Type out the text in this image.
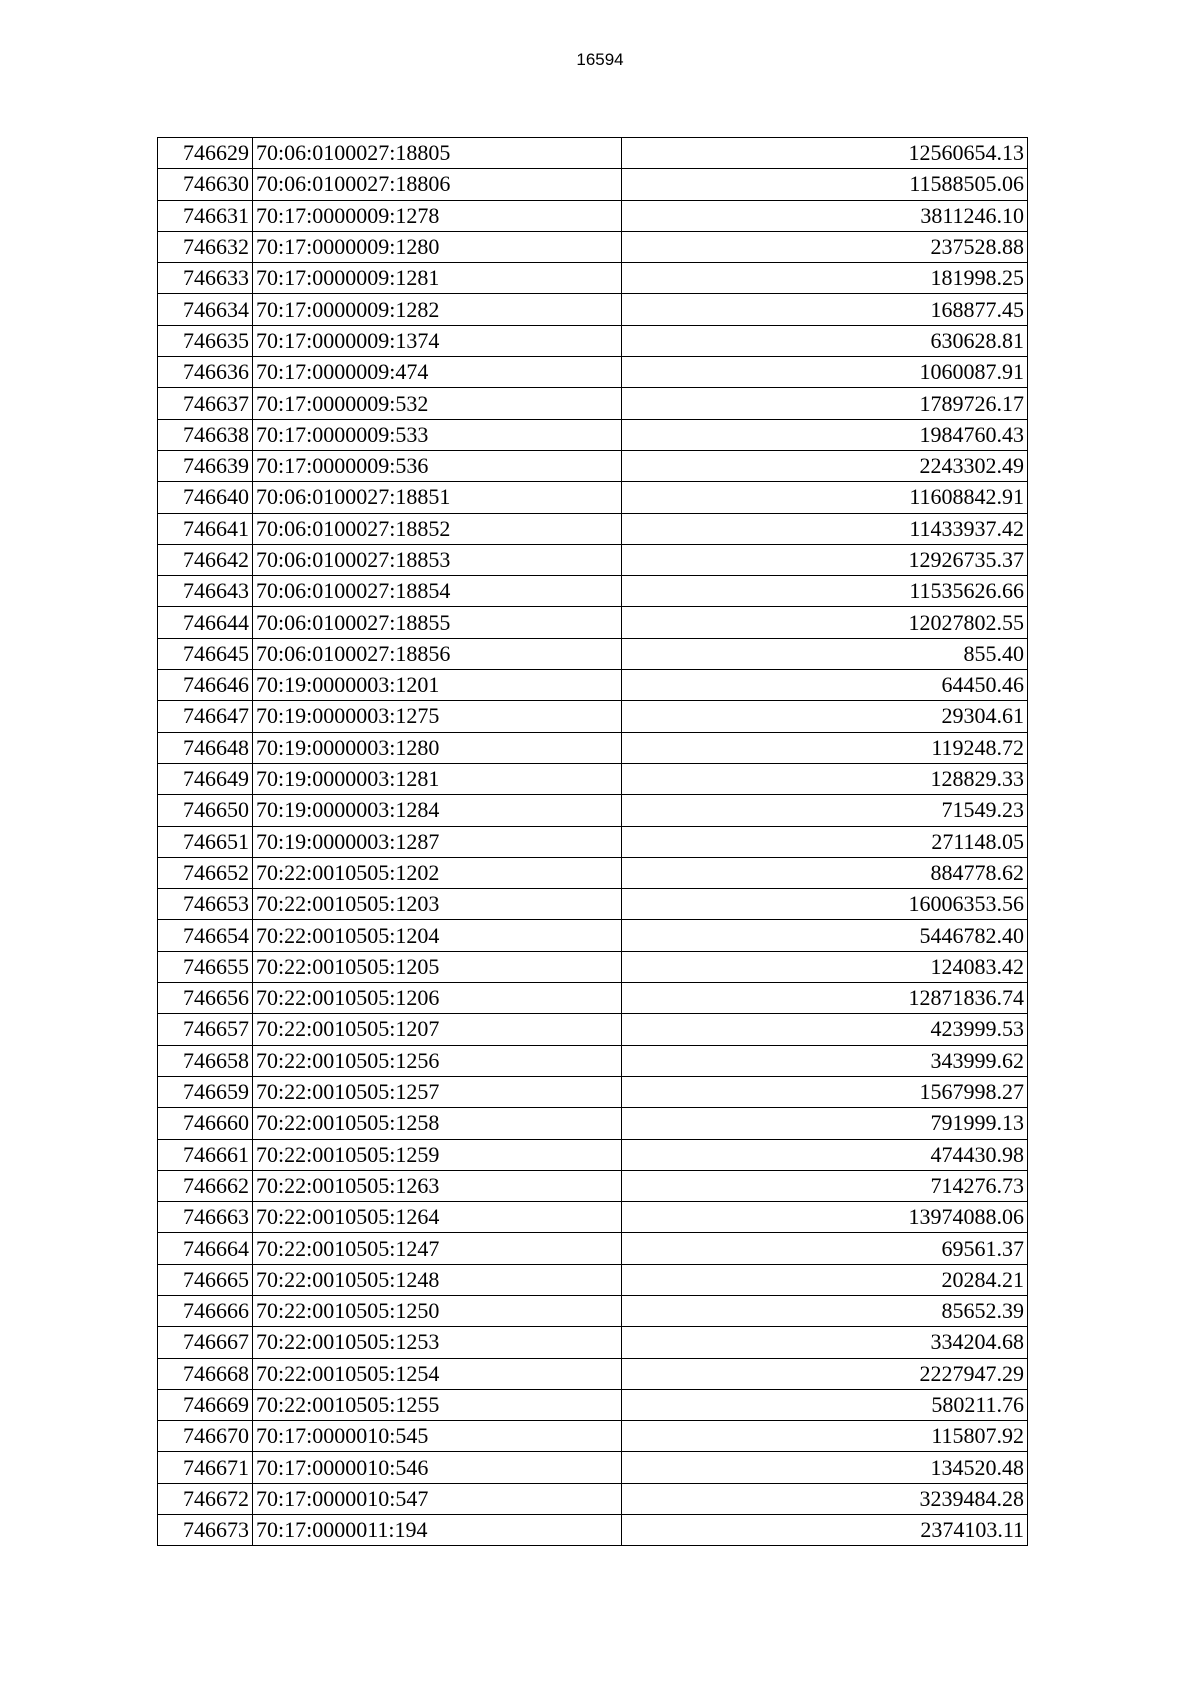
16594
746629	70:06:0100027:18805	12560654.13
746630	70:06:0100027:18806	11588505.06
746631	70:17:0000009:1278	3811246.10
746632	70:17:0000009:1280	237528.88
746633	70:17:0000009:1281	181998.25
746634	70:17:0000009:1282	168877.45
746635	70:17:0000009:1374	630628.81
746636	70:17:0000009:474	1060087.91
746637	70:17:0000009:532	1789726.17
746638	70:17:0000009:533	1984760.43
746639	70:17:0000009:536	2243302.49
746640	70:06:0100027:18851	11608842.91
746641	70:06:0100027:18852	11433937.42
746642	70:06:0100027:18853	12926735.37
746643	70:06:0100027:18854	11535626.66
746644	70:06:0100027:18855	12027802.55
746645	70:06:0100027:18856	855.40
746646	70:19:0000003:1201	64450.46
746647	70:19:0000003:1275	29304.61
746648	70:19:0000003:1280	119248.72
746649	70:19:0000003:1281	128829.33
746650	70:19:0000003:1284	71549.23
746651	70:19:0000003:1287	271148.05
746652	70:22:0010505:1202	884778.62
746653	70:22:0010505:1203	16006353.56
746654	70:22:0010505:1204	5446782.40
746655	70:22:0010505:1205	124083.42
746656	70:22:0010505:1206	12871836.74
746657	70:22:0010505:1207	423999.53
746658	70:22:0010505:1256	343999.62
746659	70:22:0010505:1257	1567998.27
746660	70:22:0010505:1258	791999.13
746661	70:22:0010505:1259	474430.98
746662	70:22:0010505:1263	714276.73
746663	70:22:0010505:1264	13974088.06
746664	70:22:0010505:1247	69561.37
746665	70:22:0010505:1248	20284.21
746666	70:22:0010505:1250	85652.39
746667	70:22:0010505:1253	334204.68
746668	70:22:0010505:1254	2227947.29
746669	70:22:0010505:1255	580211.76
746670	70:17:0000010:545	115807.92
746671	70:17:0000010:546	134520.48
746672	70:17:0000010:547	3239484.28
746673	70:17:0000011:194	2374103.11
